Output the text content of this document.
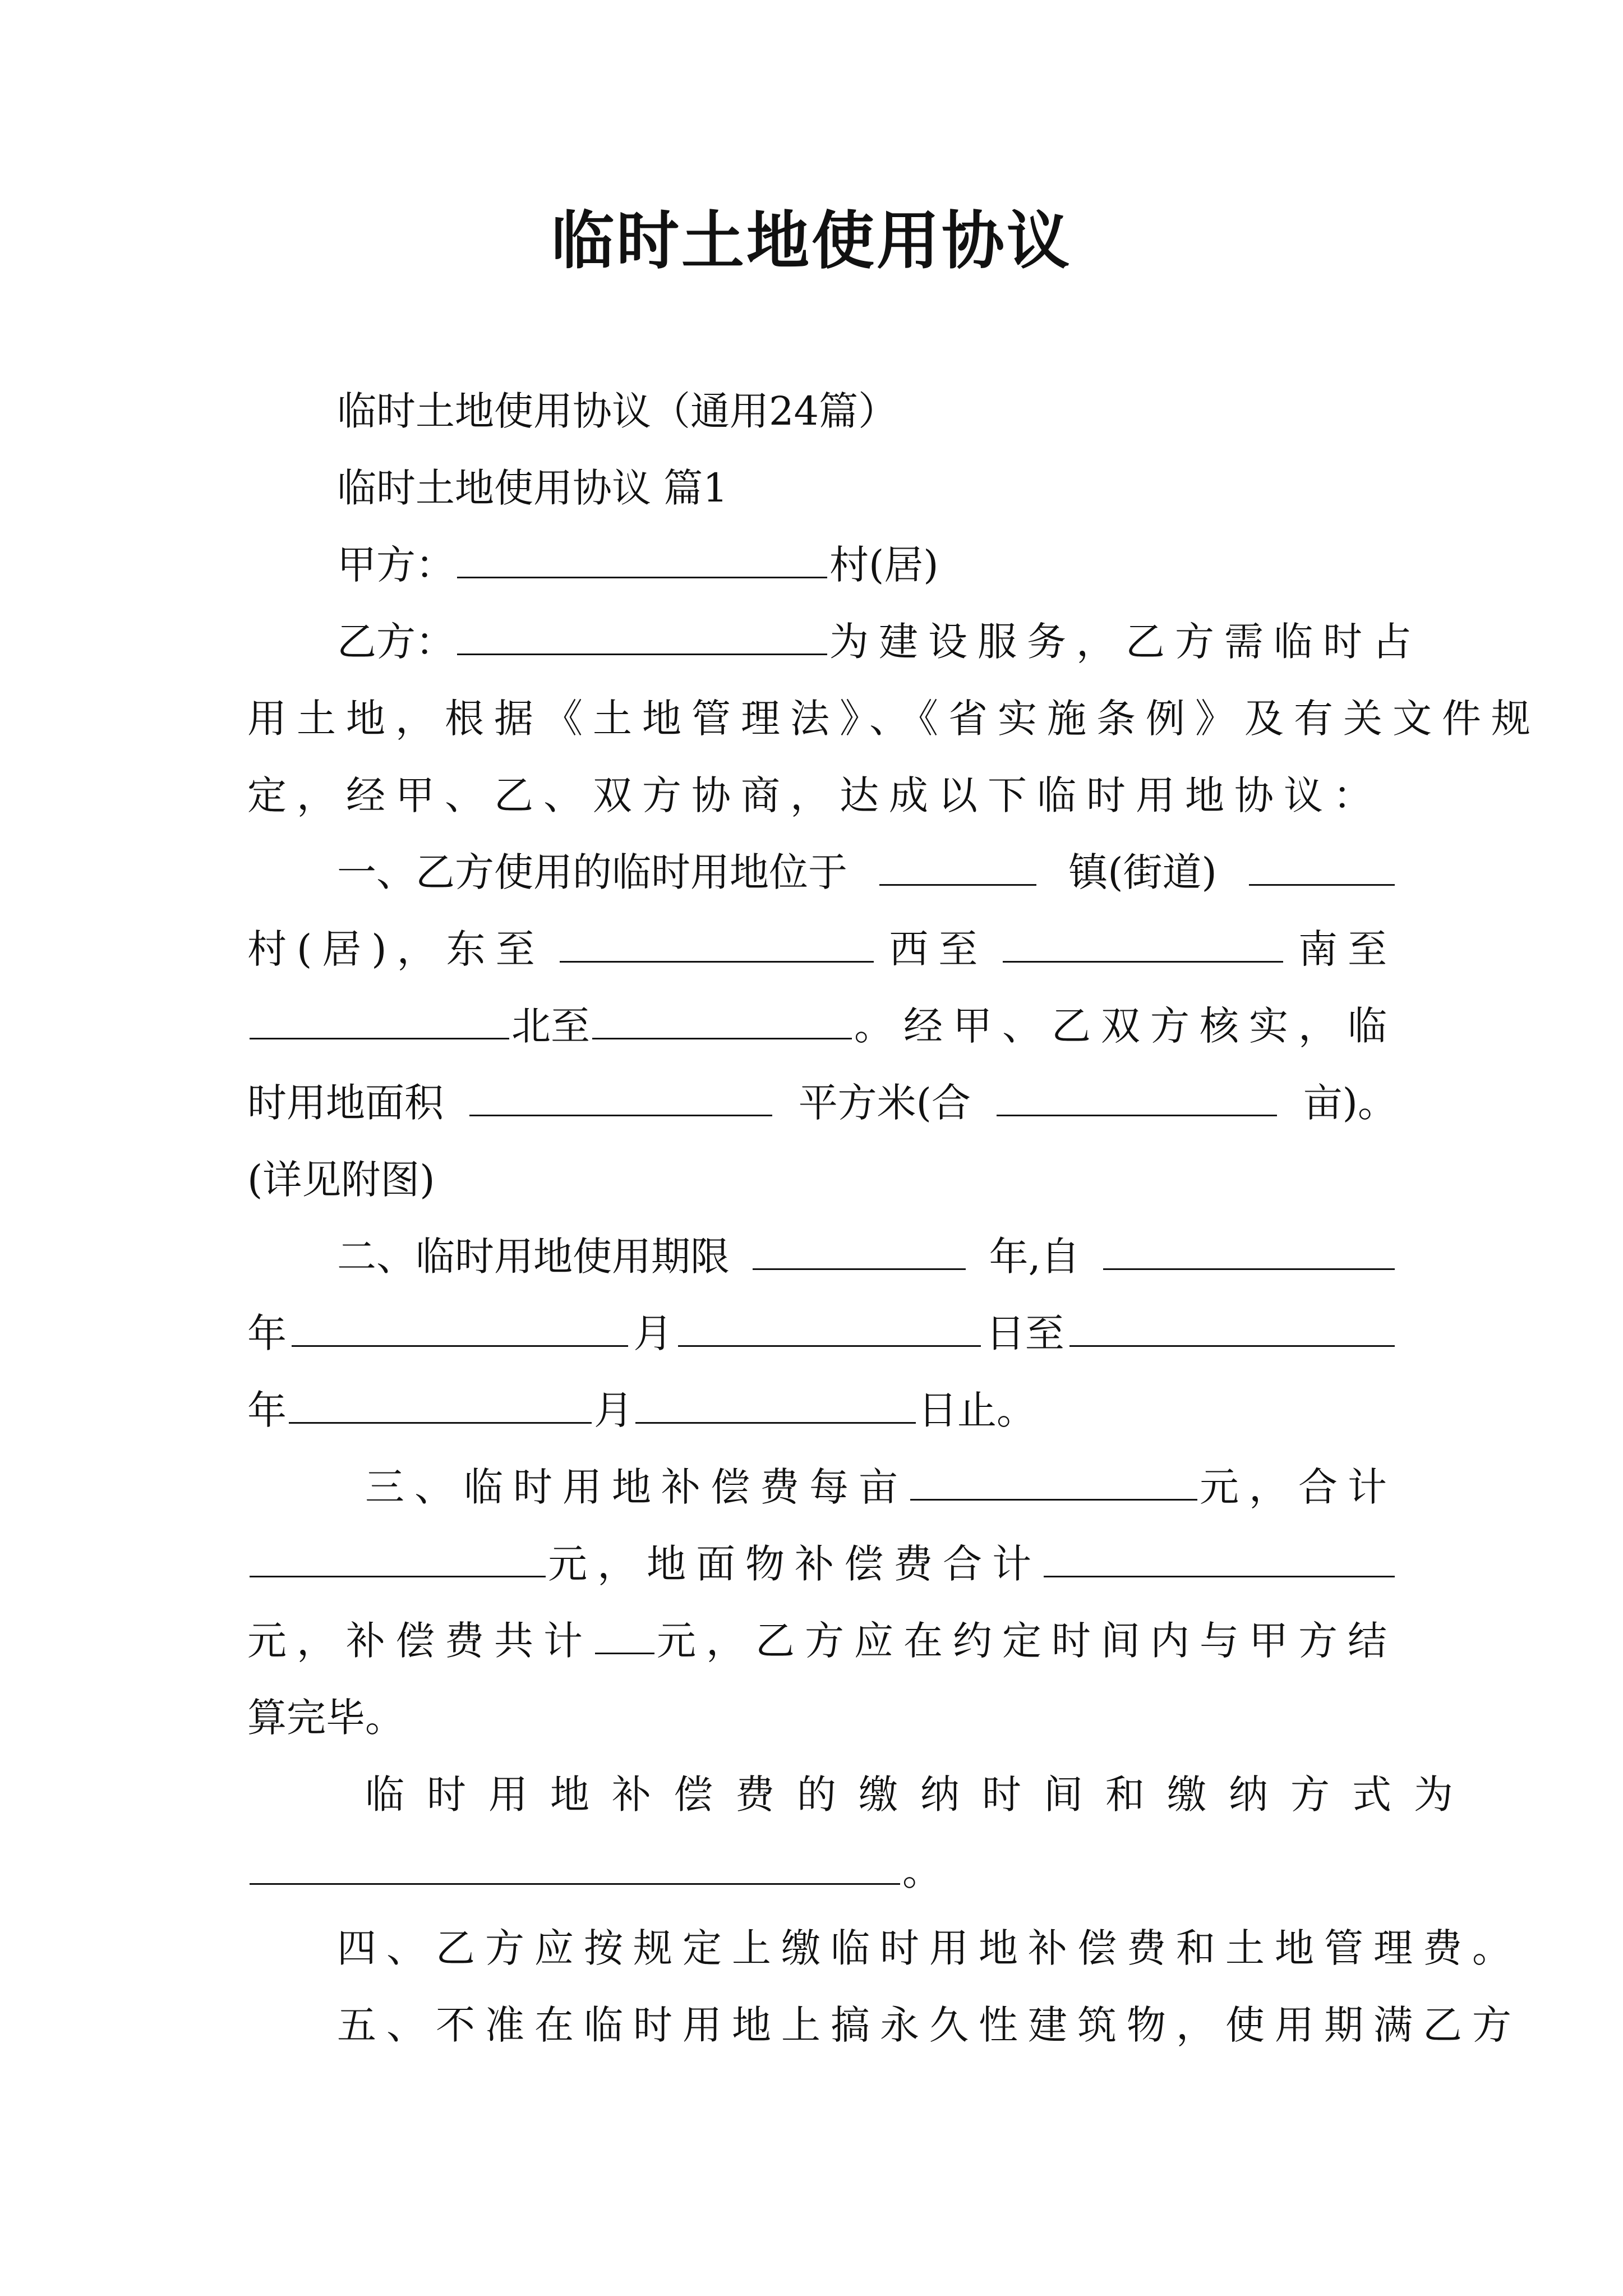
临时土地使用协议

临时土地使用协议（通用24篇）

临时土地使用协议 篇1

甲方：	村(居)

乙方：	为建设服务，乙方需临时占

用土地，根据《土地管理法》、《省实施条例》及有关文件规

定，经甲、乙、双方协商，达成以下临时用地协议：

一、乙方使用的临时用地位于	镇(街道)

村(居)，东至	西至	南至

北至	。经甲、乙双方核实，临

时用地面积	平方米(合	亩)。

(详见附图)

二、临时用地使用期限	年,自

年	月	日至

年	月	日止。

三、临时用地补偿费每亩	元，合计

元，地面物补偿费合计

元，补偿费共计 元，乙方应在约定时间内与甲方结

算完毕。

临时用地补偿费的缴纳时间和缴纳方式为

。

四、乙方应按规定上缴临时用地补偿费和土地管理费。

五、不准在临时用地上搞永久性建筑物，使用期满乙方
